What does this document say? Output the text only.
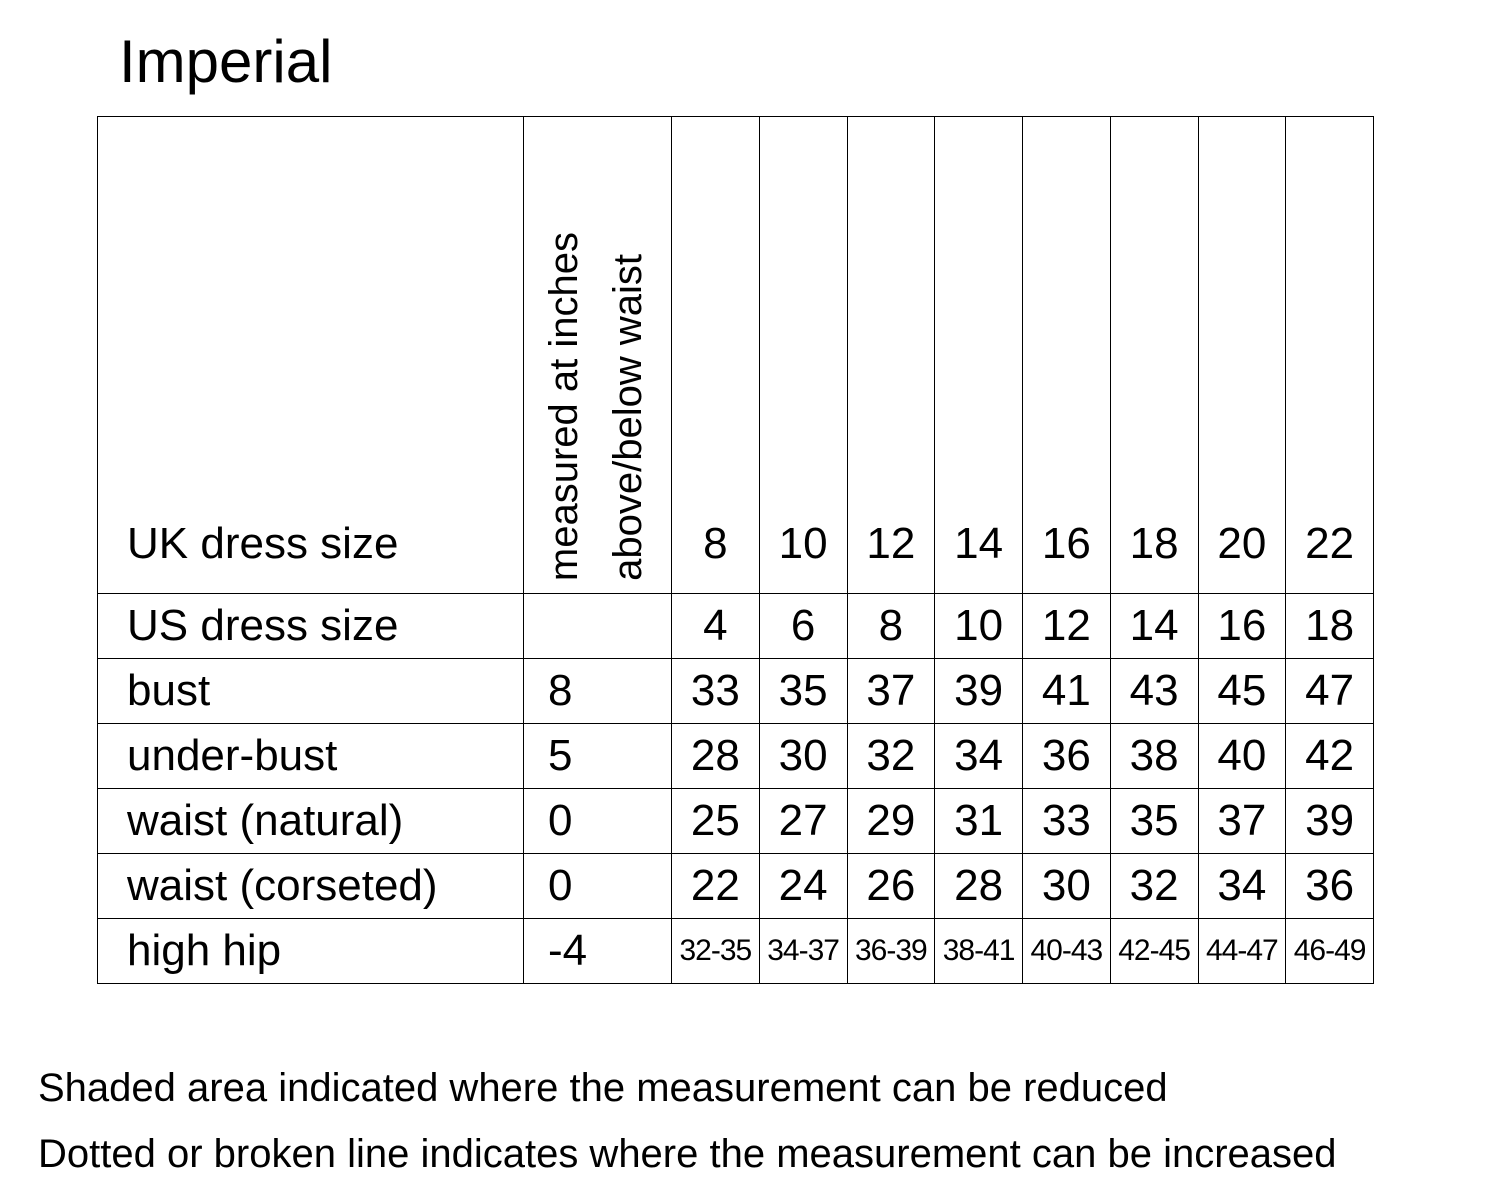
Imperial
UK dress size	measured at inches above/below waist	8	10	12	14	16	18	20	22
US dress size		4	6	8	10	12	14	16	18
bust	8	33	35	37	39	41	43	45	47
under-bust	5	28	30	32	34	36	38	40	42
waist (natural)	0	25	27	29	31	33	35	37	39
waist (corseted)	0	22	24	26	28	30	32	34	36
high hip	-4	32-35	34-37	36-39	38-41	40-43	42-45	44-47	46-49
Shaded area indicated where the measurement can be reduced
Dotted or broken line indicates where the measurement can be increased
